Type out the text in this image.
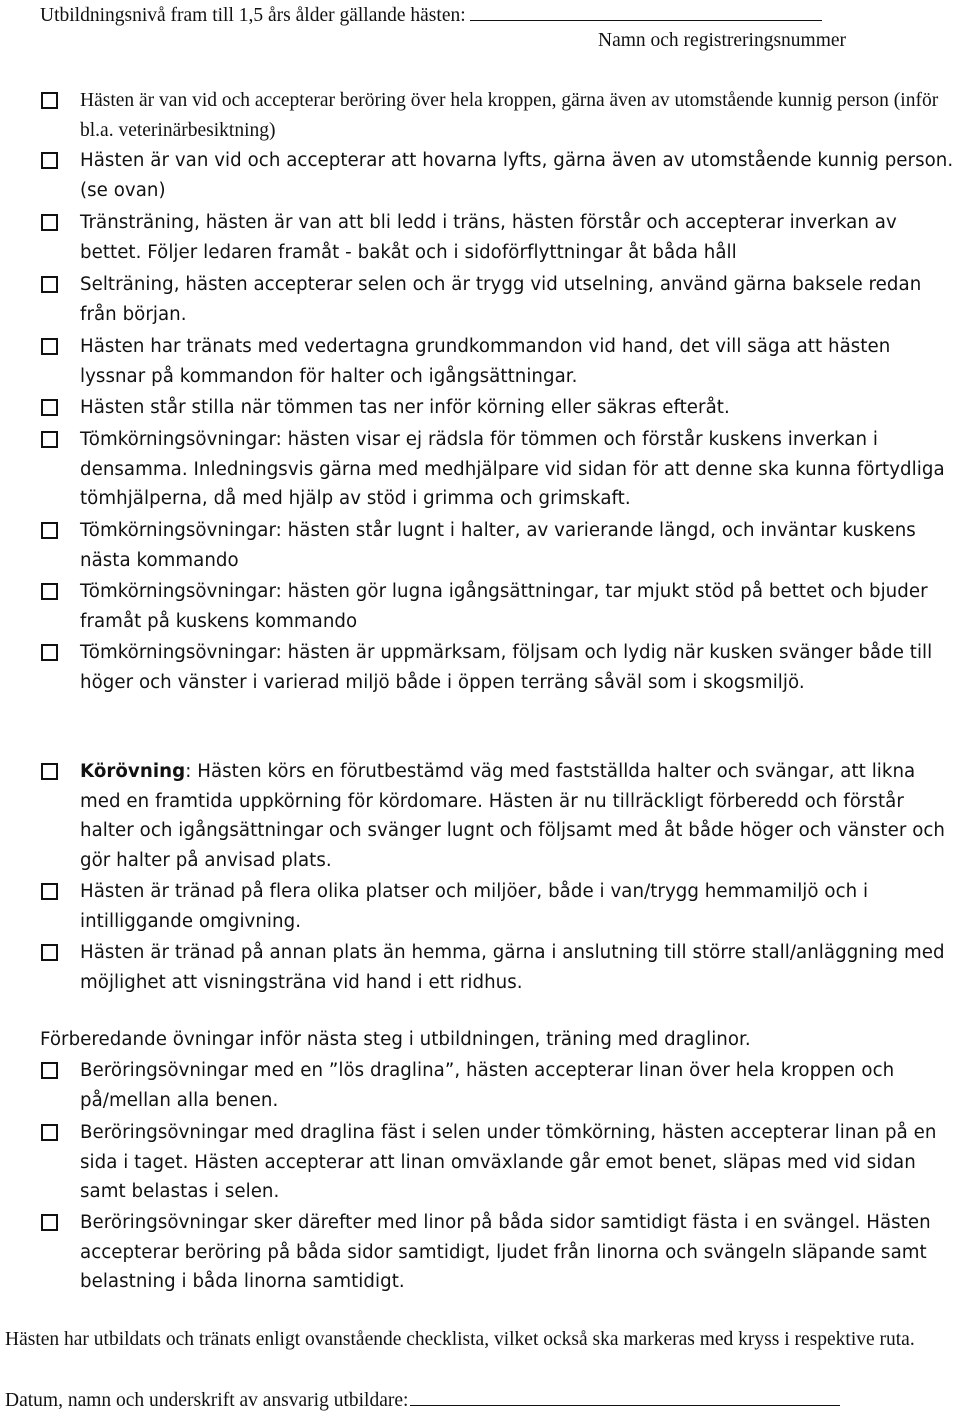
Utbildningsnivå fram till 1,5 års ålder gällande hästen:
Namn och registreringsnummer
Hästen är van vid och accepterar beröring över hela kroppen, gärna även av utomstående kunnig person (inför bl.a. veterinärbesiktning)
Hästen är van vid och accepterar att hovarna lyfts, gärna även av utomstående kunnig person. (se ovan)
Tränsträning, hästen är van att bli ledd i träns, hästen förstår och accepterar inverkan av bettet. Följer ledaren framåt - bakåt och i sidoförflyttningar åt båda håll
Selträning, hästen accepterar selen och är trygg vid utselning, använd gärna baksele redan från början.
Hästen har tränats med vedertagna grundkommandon vid hand, det vill säga att hästen lyssnar på kommandon för halter och igångsättningar.
Hästen står stilla när tömmen tas ner inför körning eller säkras efteråt.
Tömkörningsövningar: hästen visar ej rädsla för tömmen och förstår kuskens inverkan i densamma. Inledningsvis gärna med medhjälpare vid sidan för att denne ska kunna förtydliga tömhjälperna, då med hjälp av stöd i grimma och grimskaft.
Tömkörningsövningar: hästen står lugnt i halter, av varierande längd, och inväntar kuskens nästa kommando
Tömkörningsövningar: hästen gör lugna igångsättningar, tar mjukt stöd på bettet och bjuder framåt på kuskens kommando
Tömkörningsövningar: hästen är uppmärksam, följsam och lydig när kusken svänger både till höger och vänster i varierad miljö både i öppen terräng såväl som i skogsmiljö.
Körövning: Hästen körs en förutbestämd väg med fastställda halter och svängar, att likna med en framtida uppkörning för kördomare. Hästen är nu tillräckligt förberedd och förstår halter och igångsättningar och svänger lugnt och följsamt med åt både höger och vänster och gör halter på anvisad plats.
Hästen är tränad på flera olika platser och miljöer, både i van/trygg hemmamiljö och i intilliggande omgivning.
Hästen är tränad på annan plats än hemma, gärna i anslutning till större stall/anläggning med möjlighet att visningsträna vid hand i ett ridhus.
Förberedande övningar inför nästa steg i utbildningen, träning med draglinor.
Beröringsövningar med en ”lös draglina”, hästen accepterar linan över hela kroppen och på/mellan alla benen.
Beröringsövningar med draglina fäst i selen under tömkörning, hästen accepterar linan på en sida i taget. Hästen accepterar att linan omväxlande går emot benet, släpas med vid sidan samt belastas i selen.
Beröringsövningar sker därefter med linor på båda sidor samtidigt fästa i en svängel. Hästen accepterar beröring på båda sidor samtidigt, ljudet från linorna och svängeln släpande samt belastning i båda linorna samtidigt.
Hästen har utbildats och tränats enligt ovanstående checklista, vilket också ska markeras med kryss i respektive ruta.
Datum, namn och underskrift av ansvarig utbildare:
